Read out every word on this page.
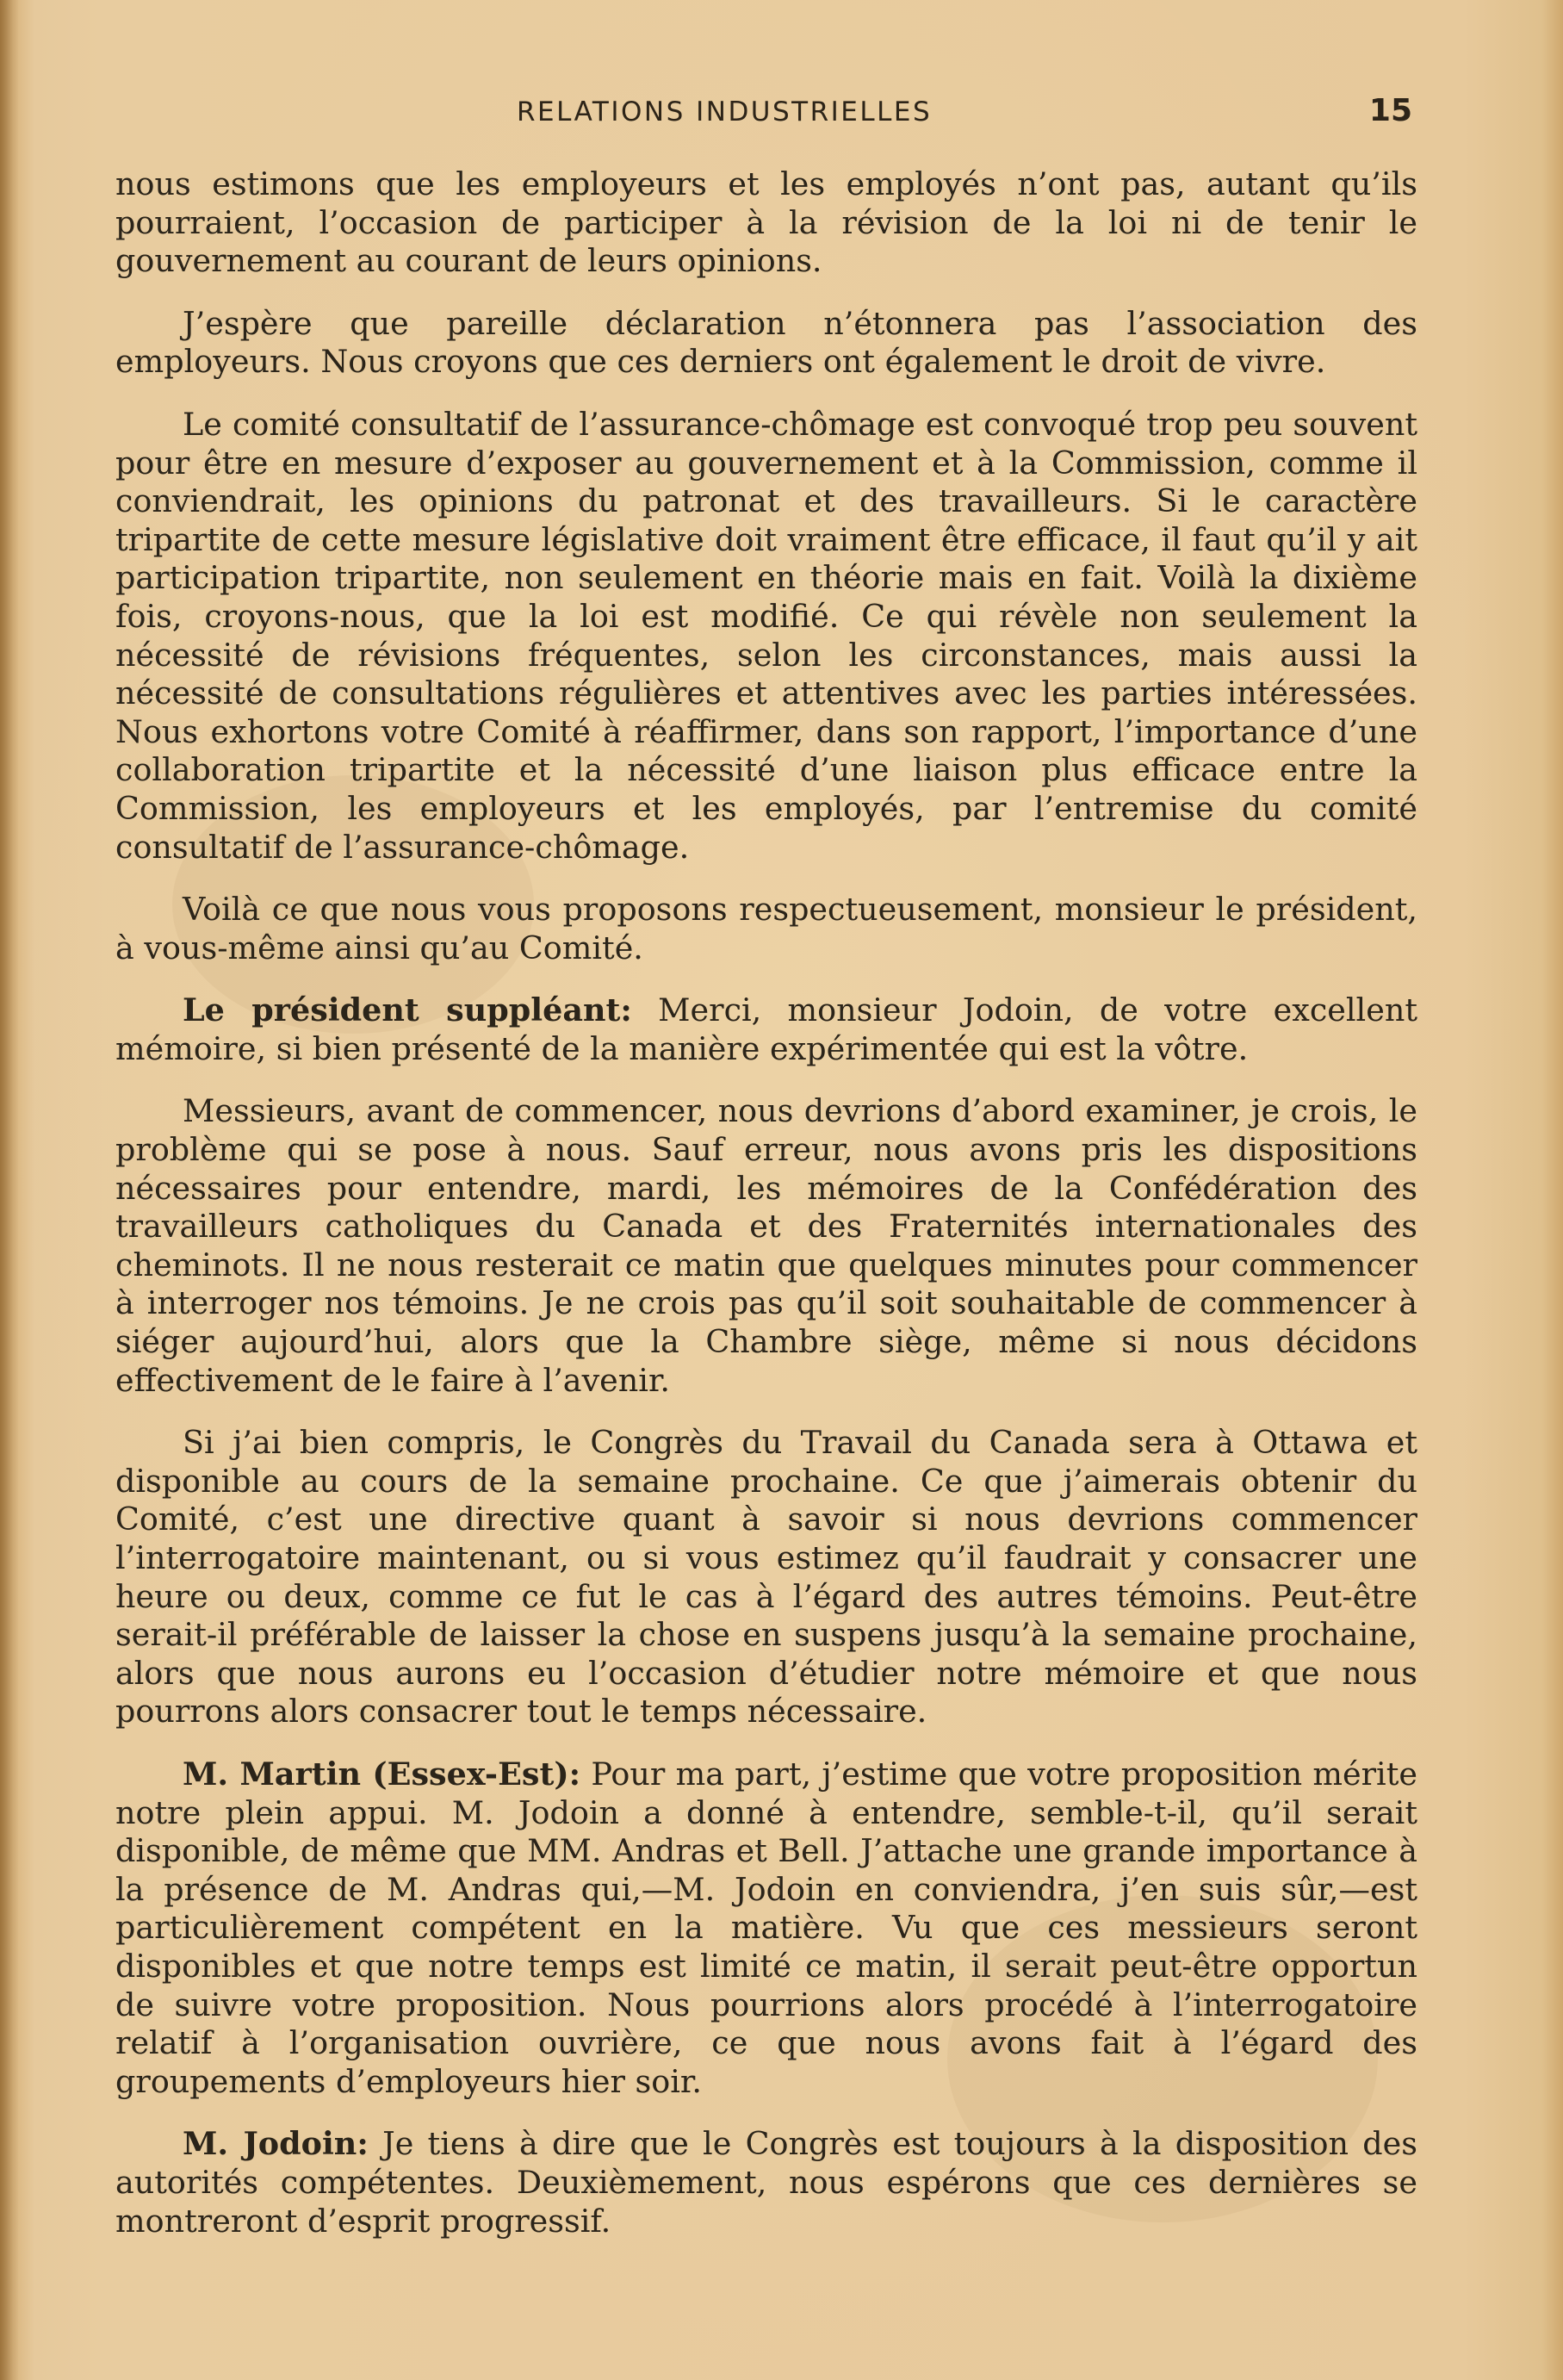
RELATIONS INDUSTRIELLES	15

nous estimons que les employeurs et les employés n’ont pas, autant qu’ils pourraient, l’occasion de participer à la révision de la loi ni de tenir le gouvernement au courant de leurs opinions.

J’espère que pareille déclaration n’étonnera pas l’association des employeurs. Nous croyons que ces derniers ont également le droit de vivre.

Le comité consultatif de l’assurance-chômage est convoqué trop peu souvent pour être en mesure d’exposer au gouvernement et à la Commission, comme il conviendrait, les opinions du patronat et des travailleurs. Si le caractère tripartite de cette mesure législative doit vraiment être efficace, il faut qu’il y ait participation tripartite, non seulement en théorie mais en fait. Voilà la dixième fois, croyons-nous, que la loi est modifié. Ce qui révèle non seulement la nécessité de révisions fréquentes, selon les circonstances, mais aussi la nécessité de consultations régulières et attentives avec les parties intéressées. Nous exhortons votre Comité à réaffirmer, dans son rapport, l’importance d’une collaboration tripartite et la nécessité d’une liaison plus efficace entre la Commission, les employeurs et les employés, par l’entremise du comité consultatif de l’assurance-chômage.

Voilà ce que nous vous proposons respectueusement, monsieur le président, à vous-même ainsi qu’au Comité.

Le président suppléant: Merci, monsieur Jodoin, de votre excellent mémoire, si bien présenté de la manière expérimentée qui est la vôtre.

Messieurs, avant de commencer, nous devrions d’abord examiner, je crois, le problème qui se pose à nous. Sauf erreur, nous avons pris les dispositions nécessaires pour entendre, mardi, les mémoires de la Confédération des travailleurs catholiques du Canada et des Fraternités internationales des cheminots. Il ne nous resterait ce matin que quelques minutes pour commencer à interroger nos témoins. Je ne crois pas qu’il soit souhaitable de commencer à siéger aujourd’hui, alors que la Chambre siège, même si nous décidons effectivement de le faire à l’avenir.

Si j’ai bien compris, le Congrès du Travail du Canada sera à Ottawa et disponible au cours de la semaine prochaine. Ce que j’aimerais obtenir du Comité, c’est une directive quant à savoir si nous devrions commencer l’interrogatoire maintenant, ou si vous estimez qu’il faudrait y consacrer une heure ou deux, comme ce fut le cas à l’égard des autres témoins. Peut-être serait-il préférable de laisser la chose en suspens jusqu’à la semaine prochaine, alors que nous aurons eu l’occasion d’étudier notre mémoire et que nous pourrons alors consacrer tout le temps nécessaire.

M. Martin (Essex-Est): Pour ma part, j’estime que votre proposition mérite notre plein appui. M. Jodoin a donné à entendre, semble-t-il, qu’il serait disponible, de même que MM. Andras et Bell. J’attache une grande importance à la présence de M. Andras qui,—M. Jodoin en conviendra, j’en suis sûr,—est particulièrement compétent en la matière. Vu que ces messieurs seront disponibles et que notre temps est limité ce matin, il serait peut-être opportun de suivre votre proposition. Nous pourrions alors procédé à l’interrogatoire relatif à l’organisation ouvrière, ce que nous avons fait à l’égard des groupements d’employeurs hier soir.

M. Jodoin: Je tiens à dire que le Congrès est toujours à la disposition des autorités compétentes. Deuxièmement, nous espérons que ces dernières se montreront d’esprit progressif.
